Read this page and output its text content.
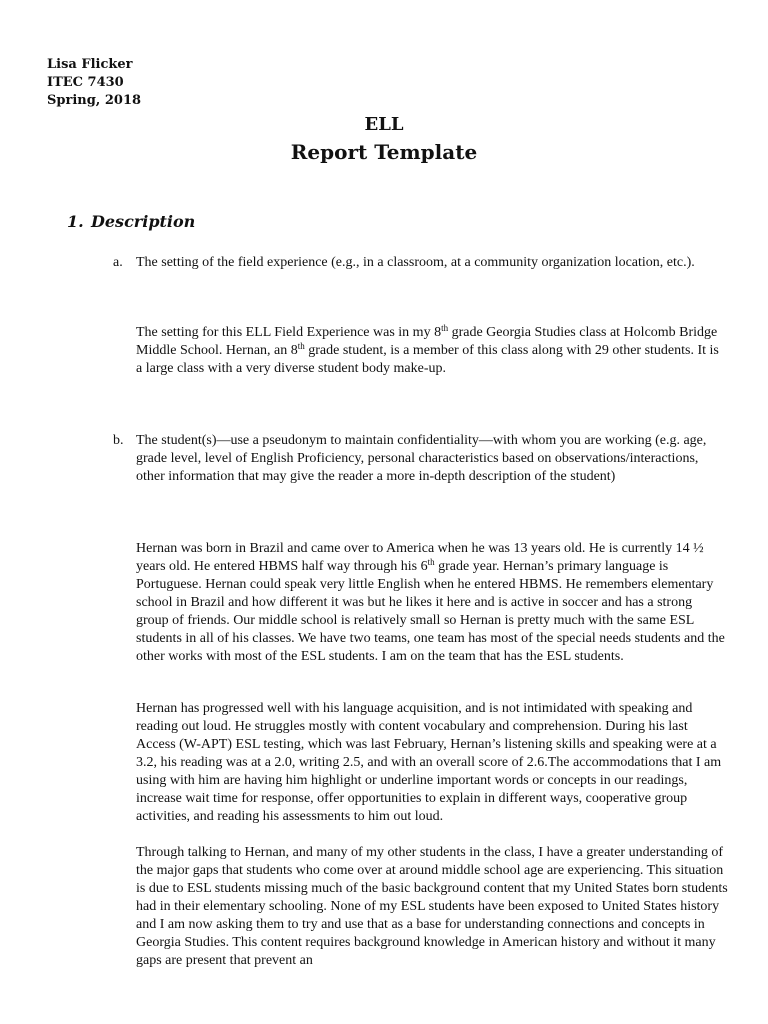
Lisa Flicker
ITEC 7430
Spring, 2018
ELL
Report Template
1. Description
a. The setting of the field experience (e.g., in a classroom, at a community organization location, etc.).
The setting for this ELL Field Experience was in my 8th grade Georgia Studies class at Holcomb Bridge Middle School. Hernan, an 8th grade student, is a member of this class along with 29 other students. It is a large class with a very diverse student body make-up.
b. The student(s)—use a pseudonym to maintain confidentiality—with whom you are working (e.g. age, grade level, level of English Proficiency, personal characteristics based on observations/interactions, other information that may give the reader a more in-depth description of the student)
Hernan was born in Brazil and came over to America when he was 13 years old. He is currently 14 ½ years old. He entered HBMS half way through his 6th grade year. Hernan’s primary language is Portuguese. Hernan could speak very little English when he entered HBMS. He remembers elementary school in Brazil and how different it was but he likes it here and is active in soccer and has a strong group of friends. Our middle school is relatively small so Hernan is pretty much with the same ESL students in all of his classes. We have two teams, one team has most of the special needs students and the other works with most of the ESL students. I am on the team that has the ESL students.
Hernan has progressed well with his language acquisition, and is not intimidated with speaking and reading out loud. He struggles mostly with content vocabulary and comprehension. During his last Access (W-APT) ESL testing, which was last February, Hernan’s listening skills and speaking were at a 3.2, his reading was at a 2.0, writing 2.5, and with an overall score of 2.6.The accommodations that I am using with him are having him highlight or underline important words or concepts in our readings, increase wait time for response, offer opportunities to explain in different ways, cooperative group activities, and reading his assessments to him out loud.
Through talking to Hernan, and many of my other students in the class, I have a greater understanding of the major gaps that students who come over at around middle school age are experiencing. This situation is due to ESL students missing much of the basic background content that my United States born students had in their elementary schooling. None of my ESL students have been exposed to United States history and I am now asking them to try and use that as a base for understanding connections and concepts in Georgia Studies. This content requires background knowledge in American history and without it many gaps are present that prevent an
